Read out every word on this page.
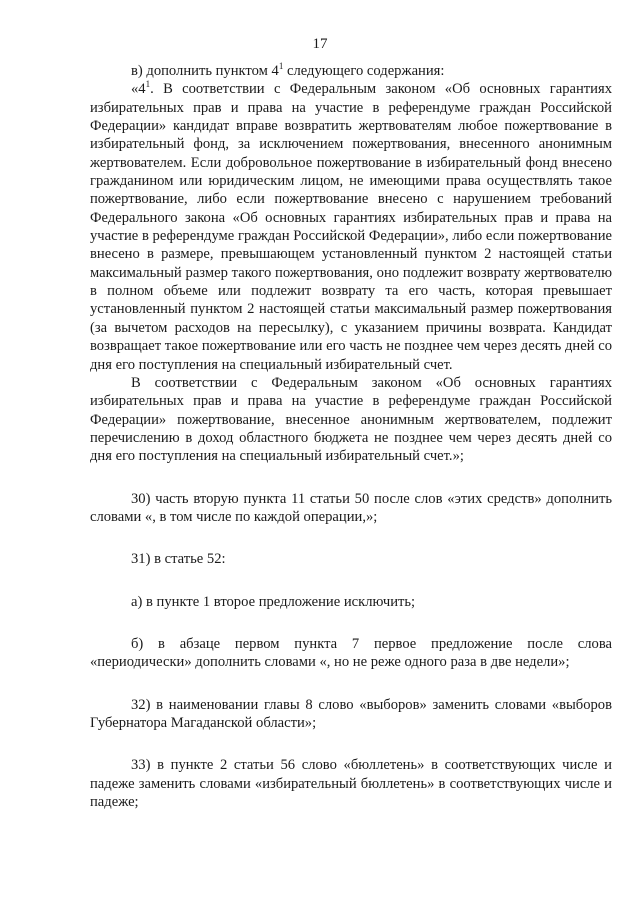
17

в) дополнить пунктом $4^1$ следующего содержания:

«$4^1$. В соответствии с Федеральным законом «Об основных гарантиях избирательных прав и права на участие в референдуме граждан Российской Федерации» кандидат вправе возвратить жертвователям любое пожертвование в избирательный фонд, за исключением пожертвования, внесенного анонимным жертвователем. Если добровольное пожертвование в избирательный фонд внесено гражданином или юридическим лицом, не имеющими права осуществлять такое пожертвование, либо если пожертвование внесено с нарушением требований Федерального закона «Об основных гарантиях избирательных прав и права на участие в референдуме граждан Российской Федерации», либо если пожертвование внесено в размере, превышающем установленный пунктом 2 настоящей статьи максимальный размер такого пожертвования, оно подлежит возврату жертвователю в полном объеме или подлежит возврату та его часть, которая превышает установленный пунктом 2 настоящей статьи максимальный размер пожертвования (за вычетом расходов на пересылку), с указанием причины возврата. Кандидат возвращает такое пожертвование или его часть не позднее чем через десять дней со дня его поступления на специальный избирательный счет.

В соответствии с Федеральным законом «Об основных гарантиях избирательных прав и права на участие в референдуме граждан Российской Федерации» пожертвование, внесенное анонимным жертвователем, подлежит перечислению в доход областного бюджета не позднее чем через десять дней со дня его поступления на специальный избирательный счет.»;

30) часть вторую пункта 11 статьи 50 после слов «этих средств» дополнить словами «, в том числе по каждой операции,»;

31) в статье 52:

а) в пункте 1 второе предложение исключить;

б) в абзаце первом пункта 7 первое предложение после слова «периодически» дополнить словами «, но не реже одного раза в две недели»;

32) в наименовании главы 8 слово «выборов» заменить словами «выборов Губернатора Магаданской области»;

33) в пункте 2 статьи 56 слово «бюллетень» в соответствующих числе и падеже заменить словами «избирательный бюллетень» в соответствующих числе и падеже;
